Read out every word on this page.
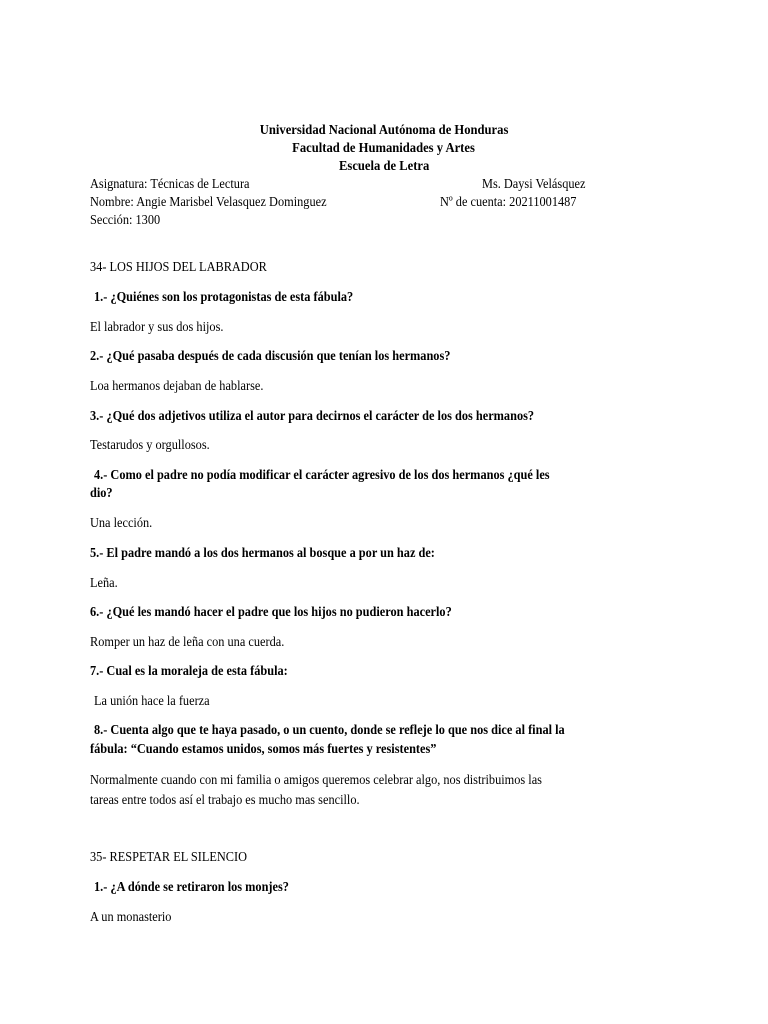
Universidad Nacional Autónoma de Honduras
Facultad de Humanidades y Artes
Escuela de Letra
Asignatura: Técnicas de Lectura	Ms. Daysi Velásquez
Nombre: Angie Marisbel Velasquez Dominguez	Nº de cuenta: 20211001487
Sección: 1300
34- LOS HIJOS DEL LABRADOR
1.- ¿Quiénes son los protagonistas de esta fábula?
El labrador y sus dos hijos.
2.- ¿Qué pasaba después de cada discusión que tenían los hermanos?
Loa hermanos dejaban de hablarse.
3.- ¿Qué dos adjetivos utiliza el autor para decirnos el carácter de los dos hermanos?
Testarudos y orgullosos.
4.- Como el padre no podía modificar el carácter agresivo de los dos hermanos ¿qué les
dio?
Una lección.
5.- El padre mandó a los dos hermanos al bosque a por un haz de:
Leña.
6.- ¿Qué les mandó hacer el padre que los hijos no pudieron hacerlo?
Romper un haz de leña con una cuerda.
7.- Cual es la moraleja de esta fábula:
La unión hace la fuerza
8.- Cuenta algo que te haya pasado, o un cuento, donde se refleje lo que nos dice al final la
fábula: “Cuando estamos unidos, somos más fuertes y resistentes”
Normalmente cuando con mi familia o amigos queremos celebrar algo, nos distribuimos las
tareas entre todos así el trabajo es mucho mas sencillo.
35- RESPETAR EL SILENCIO
1.- ¿A dónde se retiraron los monjes?
A un monasterio
